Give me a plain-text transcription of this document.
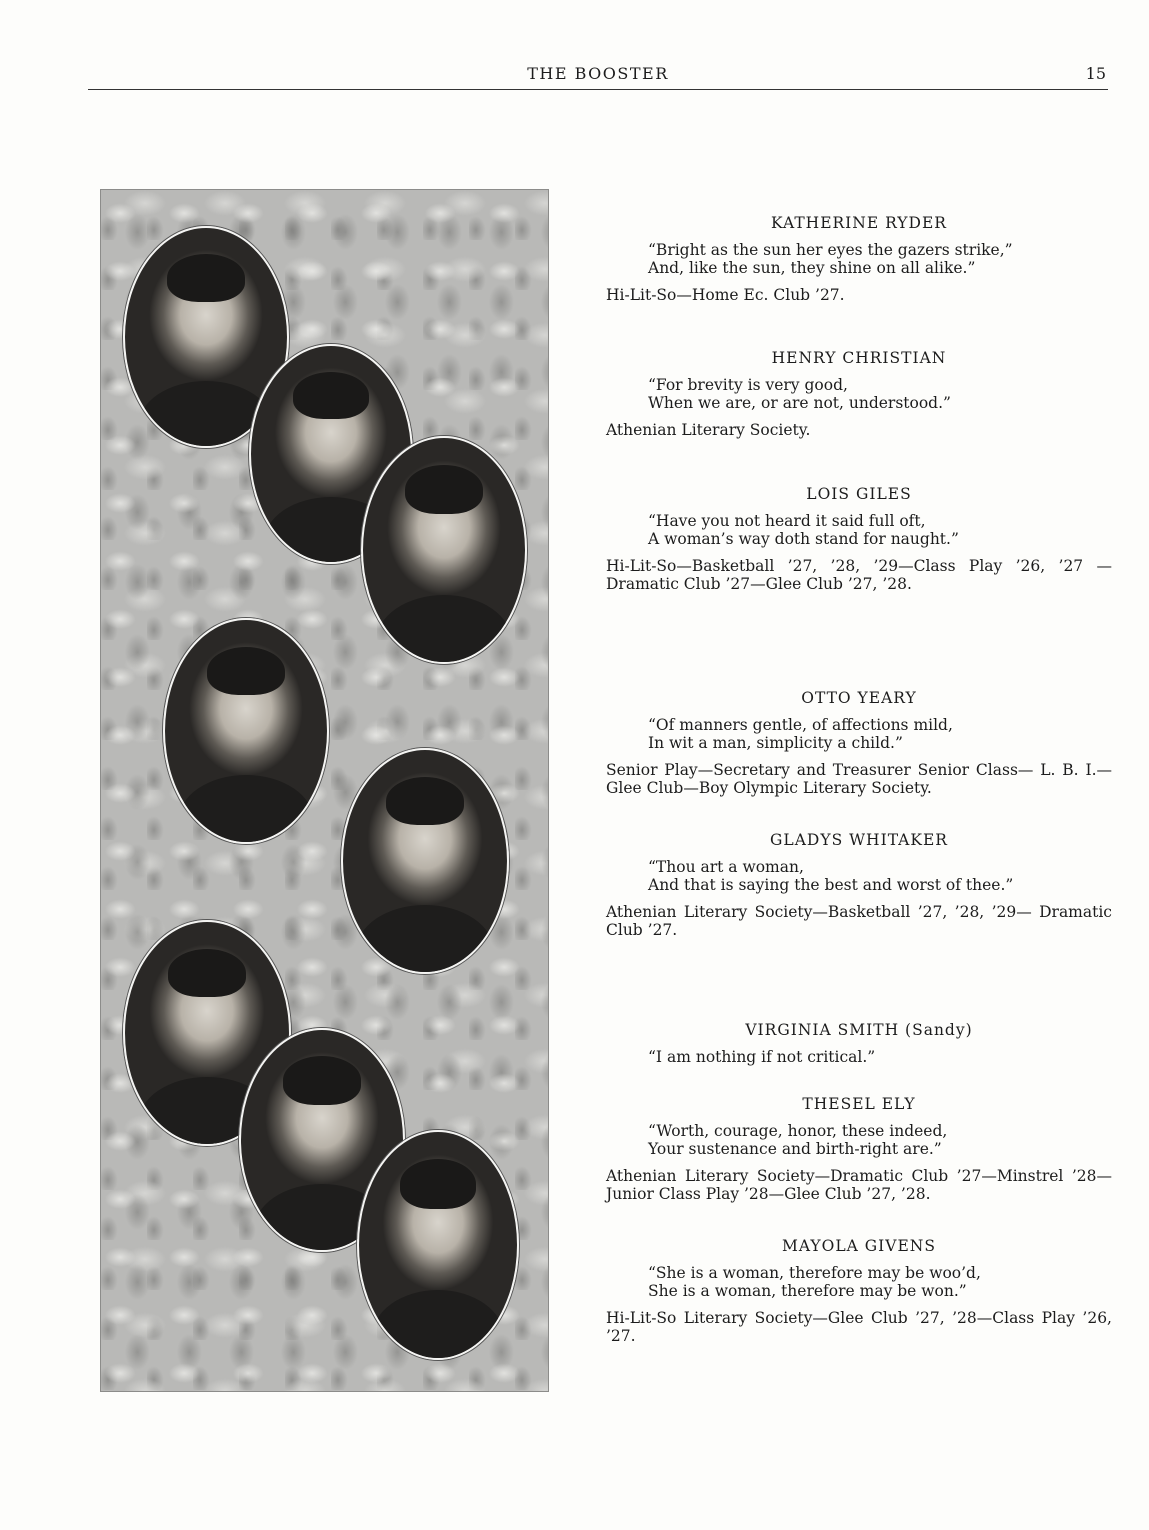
THE BOOSTER	15
KATHERINE RYDER
“Bright as the sun her eyes the gazers strike,”
And, like the sun, they shine on all alike.”
Hi-Lit-So—Home Ec. Club ’27.
HENRY CHRISTIAN
“For brevity is very good,
When we are, or are not, understood.”
Athenian Literary Society.
LOIS GILES
“Have you not heard it said full oft,
A woman’s way doth stand for naught.”
Hi-Lit-So—Basketball ’27, ’28, ’29—Class Play ’26, ’27 —Dramatic Club ’27—Glee Club ’27, ’28.
OTTO YEARY
“Of manners gentle, of affections mild,
In wit a man, simplicity a child.”
Senior Play—Secretary and Treasurer Senior Class— L. B. I.—Glee Club—Boy Olympic Literary Society.
GLADYS WHITAKER
“Thou art a woman,
And that is saying the best and worst of thee.”
Athenian Literary Society—Basketball ’27, ’28, ’29— Dramatic Club ’27.
VIRGINIA SMITH (Sandy)
“I am nothing if not critical.”
THESEL ELY
“Worth, courage, honor, these indeed,
Your sustenance and birth-right are.”
Athenian Literary Society—Dramatic Club ’27—Minstrel ’28—Junior Class Play ’28—Glee Club ’27, ’28.
MAYOLA GIVENS
“She is a woman, therefore may be woo’d,
She is a woman, therefore may be won.”
Hi-Lit-So Literary Society—Glee Club ’27, ’28—Class Play ’26, ’27.
